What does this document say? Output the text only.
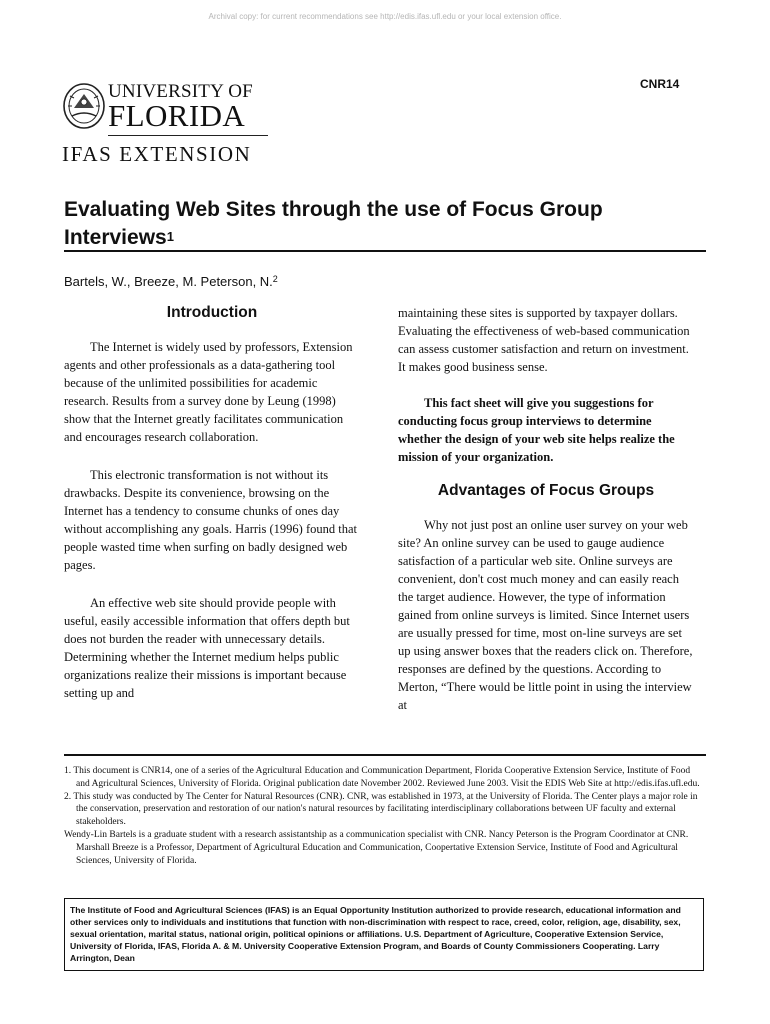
Archival copy: for current recommendations see http://edis.ifas.ufl.edu or your local extension office.
CNR14
UNIVERSITY OF
FLORIDA
IFAS EXTENSION
Evaluating Web Sites through the use of Focus Group Interviews$^1$
Bartels, W., Breeze, M. Peterson, N.$^2$
Introduction

The Internet is widely used by professors, Extension agents and other professionals as a data-gathering tool because of the unlimited possibilities for academic research. Results from a survey done by Leung (1998) show that the Internet greatly facilitates communication and encourages research collaboration.

This electronic transformation is not without its drawbacks. Despite its convenience, browsing on the Internet has a tendency to consume chunks of ones day without accomplishing any goals. Harris (1996) found that people wasted time when surfing on badly designed web pages.

An effective web site should provide people with useful, easily accessible information that offers depth but does not burden the reader with unnecessary details. Determining whether the Internet medium helps public organizations realize their missions is important because setting up and

maintaining these sites is supported by taxpayer dollars. Evaluating the effectiveness of web-based communication can assess customer satisfaction and return on investment. It makes good business sense.

This fact sheet will give you suggestions for conducting focus group interviews to determine whether the design of your web site helps realize the mission of your organization.

Advantages of Focus Groups

Why not just post an online user survey on your web site? An online survey can be used to gauge audience satisfaction of a particular web site. Online surveys are convenient, don't cost much money and can easily reach the target audience. However, the type of information gained from online surveys is limited. Since Internet users are usually pressed for time, most on-line surveys are set up using answer boxes that the readers click on. Therefore, responses are defined by the questions. According to Merton, “There would be little point in using the interview at

1. This document is CNR14, one of a series of the Agricultural Education and Communication Department, Florida Cooperative Extension Service, Institute of Food and Agricultural Sciences, University of Florida. Original publication date November 2002. Reviewed June 2003. Visit the EDIS Web Site at http://edis.ifas.ufl.edu.

2. This study was conducted by The Center for Natural Resources (CNR). CNR, was established in 1973, at the University of Florida. The Center plays a major role in the conservation, preservation and restoration of our nation's natural resources by facilitating interdisciplinary collaborations between UF faculty and external stakeholders.

Wendy-Lin Bartels is a graduate student with a research assistantship as a communication specialist with CNR. Nancy Peterson is the Program Coordinator at CNR. Marshall Breeze is a Professor, Department of Agricultural Education and Communication, Coopertative Extension Service, Institute of Food and Agricultural Sciences, University of Florida.

The Institute of Food and Agricultural Sciences (IFAS) is an Equal Opportunity Institution authorized to provide research, educational information and other services only to individuals and institutions that function with non-discrimination with respect to race, creed, color, religion, age, disability, sex, sexual orientation, marital status, national origin, political opinions or affiliations. U.S. Department of Agriculture, Cooperative Extension Service, University of Florida, IFAS, Florida A. & M. University Cooperative Extension Program, and Boards of County Commissioners Cooperating. Larry Arrington, Dean
